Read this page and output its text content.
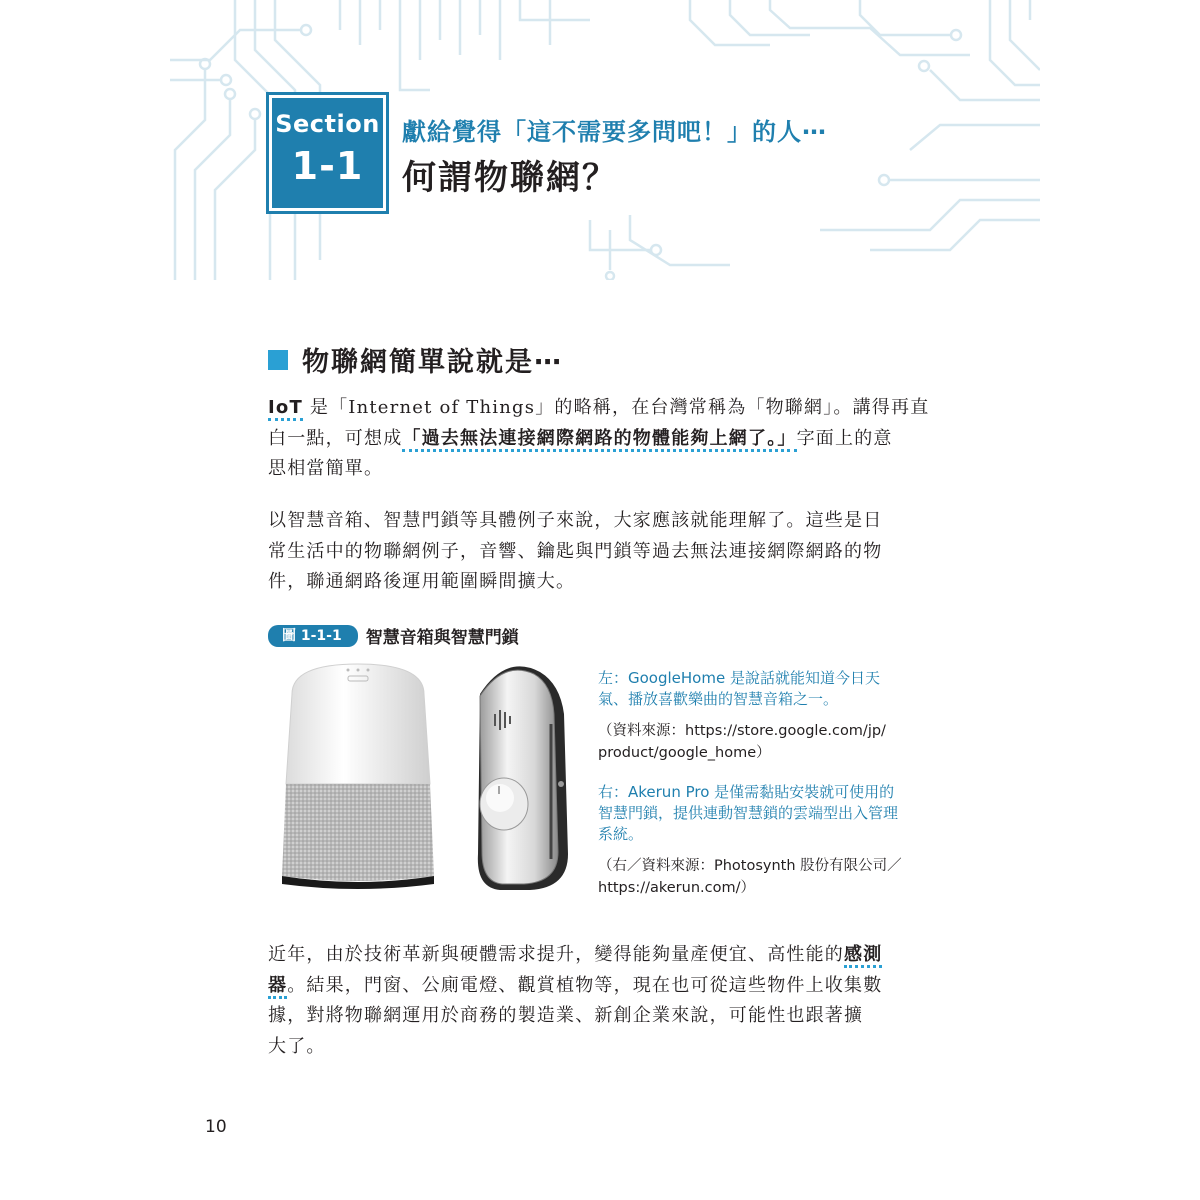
Section
1-1
獻給覺得「這不需要多問吧！」的人⋯
何謂物聯網？
物聯網簡單說就是⋯
IoT 是「Internet of Things」的略稱，在台灣常稱為「物聯網」。講得再直
白一點，可想成「過去無法連接網際網路的物體能夠上網了。」字面上的意
思相當簡單。
以智慧音箱、智慧門鎖等具體例子來說，大家應該就能理解了。這些是日
常生活中的物聯網例子，音響、鑰匙與門鎖等過去無法連接網際網路的物
件，聯通網路後運用範圍瞬間擴大。
圖 1-1-1	智慧音箱與智慧門鎖
左：GoogleHome 是說話就能知道今日天
氣、播放喜歡樂曲的智慧音箱之一。
（資料來源：https://store.google.com/jp/
product/google_home）
右：Akerun Pro 是僅需黏貼安裝就可使用的
智慧門鎖，提供連動智慧鎖的雲端型出入管理
系統。
（右／資料來源：Photosynth 股份有限公司／
https://akerun.com/）
近年，由於技術革新與硬體需求提升，變得能夠量產便宜、高性能的感測
器。結果，門窗、公廁電燈、觀賞植物等，現在也可從這些物件上收集數
據，對將物聯網運用於商務的製造業、新創企業來說，可能性也跟著擴
大了。
10
